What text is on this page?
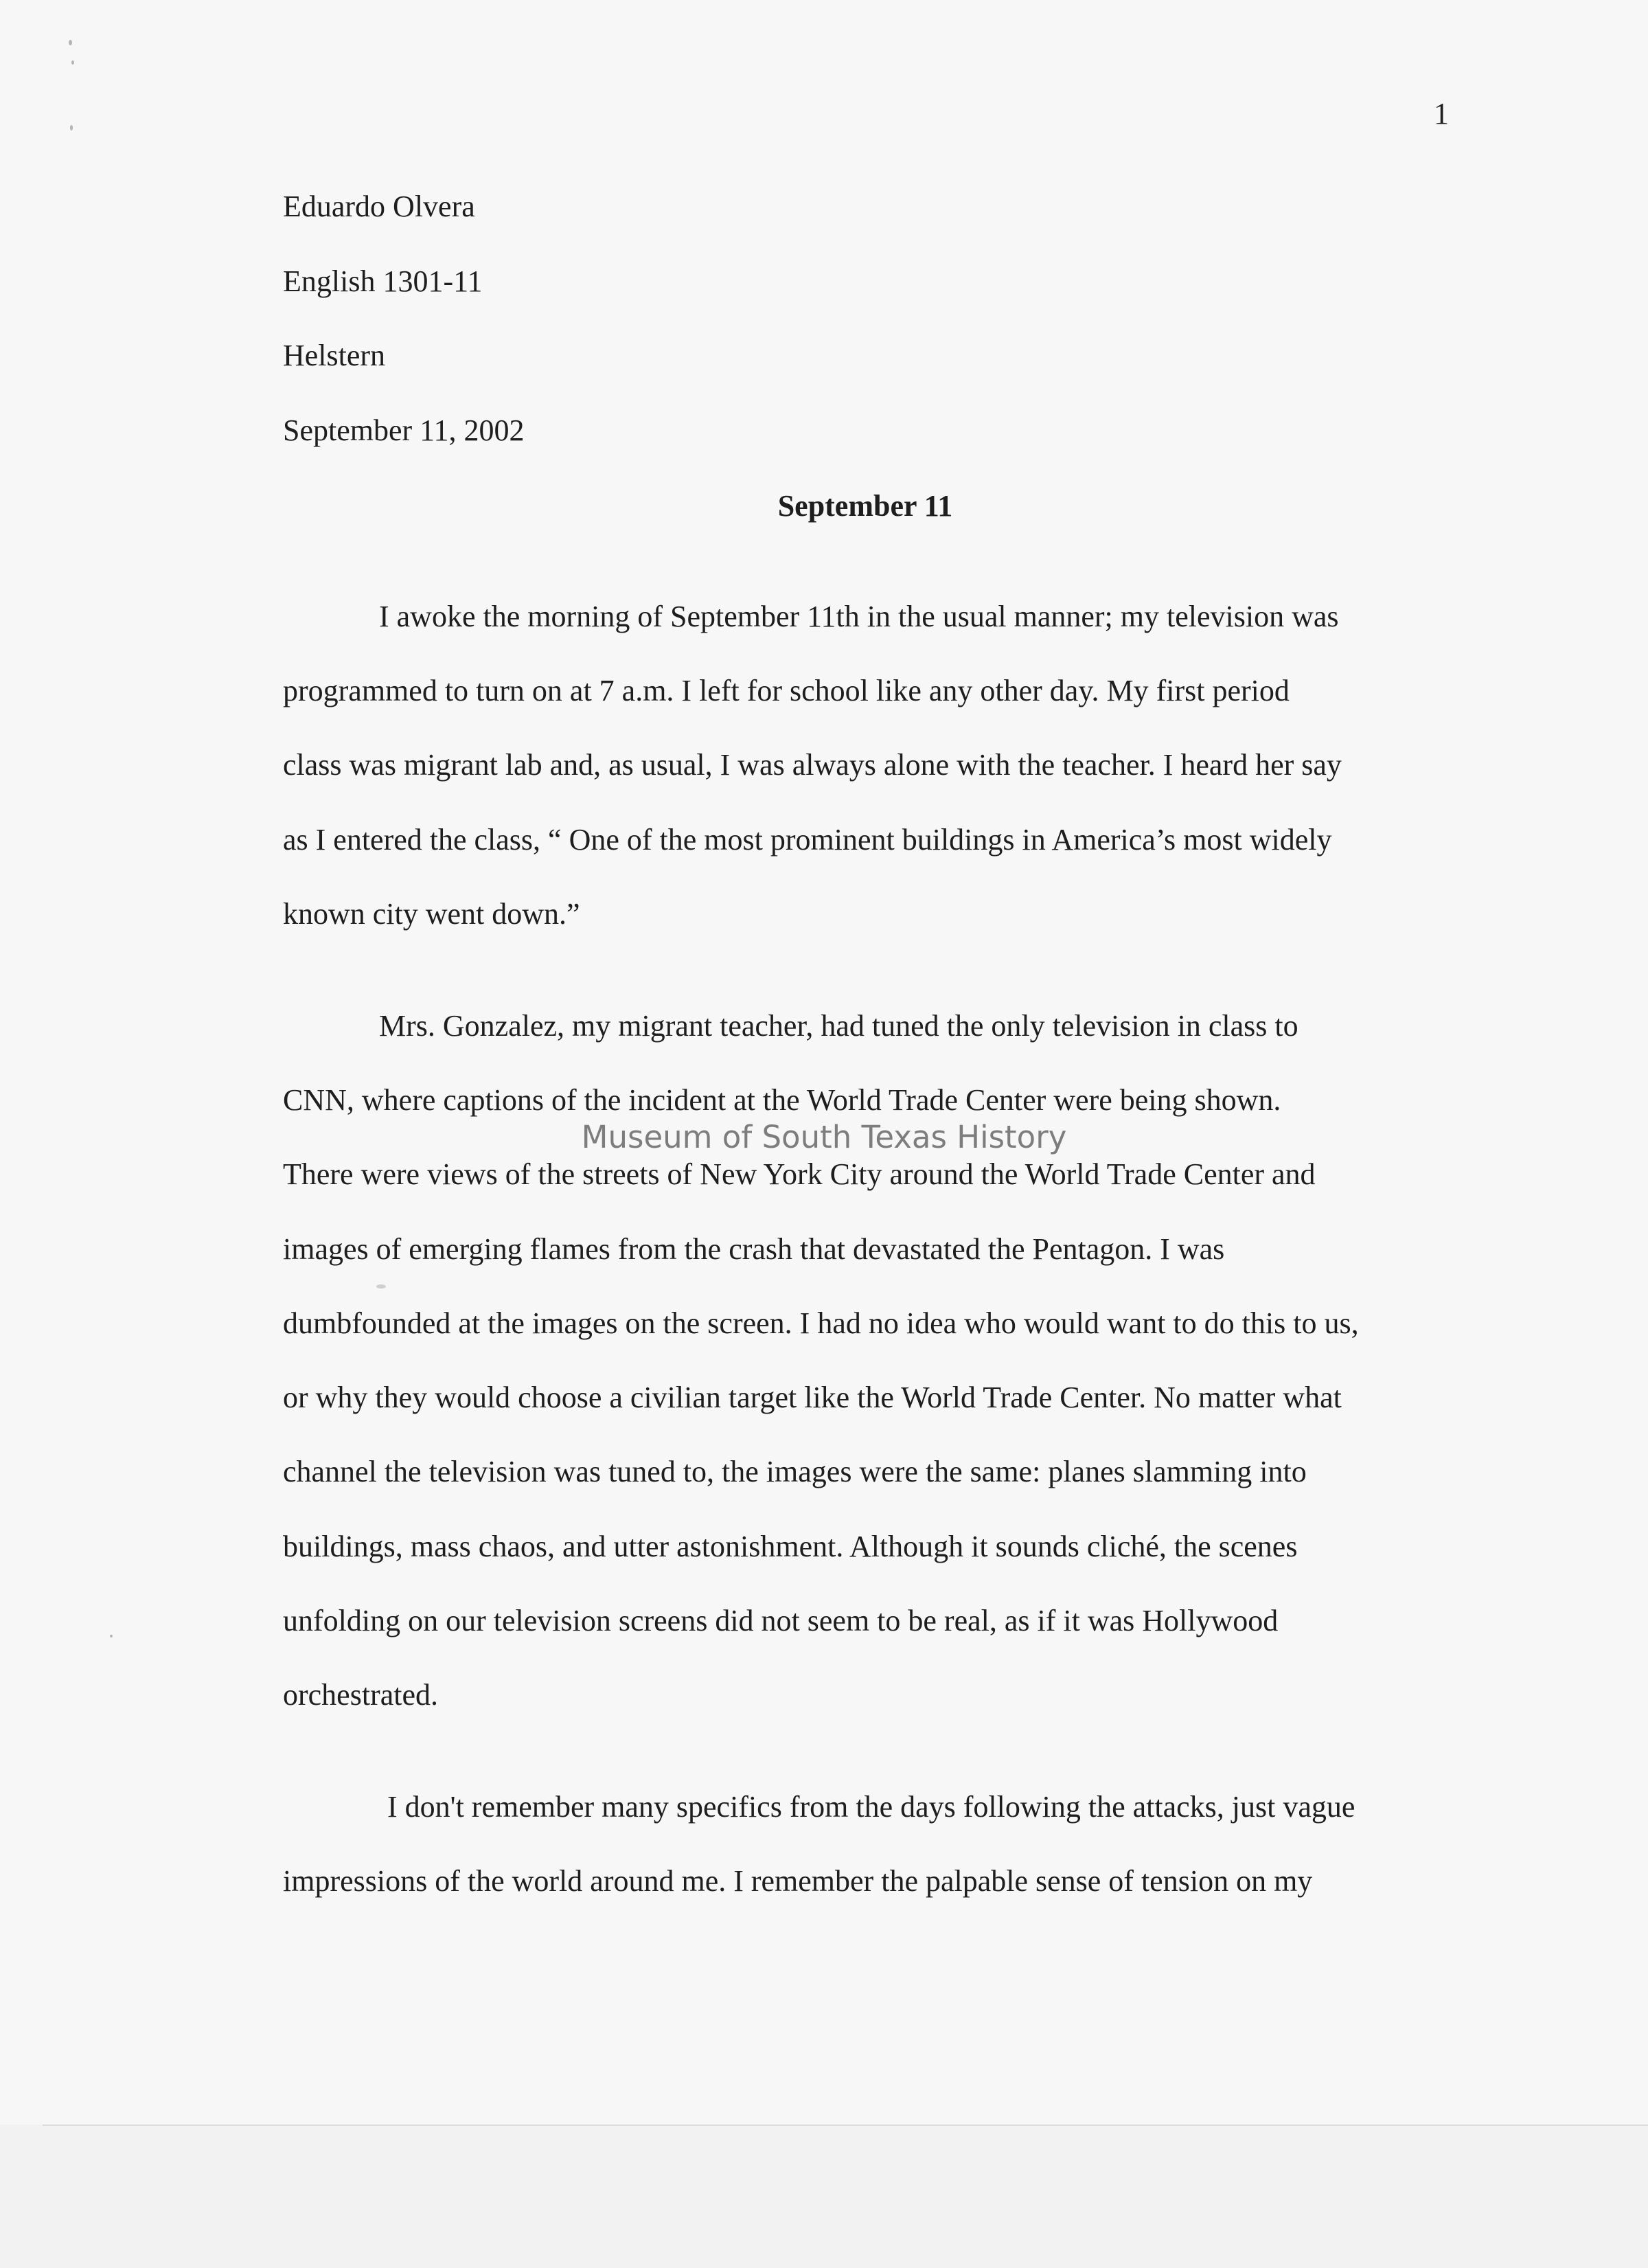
1
Eduardo Olvera
English 1301-11
Helstern
September 11, 2002
September 11
I awoke the morning of September 11th in the usual manner; my television was
programmed to turn on at 7 a.m. I left for school like any other day. My first period
class was migrant lab and, as usual, I was always alone with the teacher. I heard her say
as I entered the class, “ One of the most prominent buildings in America’s most widely
known city went down.”
Mrs. Gonzalez, my migrant teacher, had tuned the only television in class to
CNN, where captions of the incident at the World Trade Center were being shown.
There were views of the streets of New York City around the World Trade Center and
images of emerging flames from the crash that devastated the Pentagon. I was
dumbfounded at the images on the screen. I had no idea who would want to do this to us,
or why they would choose a civilian target like the World Trade Center. No matter what
channel the television was tuned to, the images were the same: planes slamming into
buildings, mass chaos, and utter astonishment. Although it sounds cliché, the scenes
unfolding on our television screens did not seem to be real, as if it was Hollywood
orchestrated.
I don't remember many specifics from the days following the attacks, just vague
impressions of the world around me. I remember the palpable sense of tension on my
Museum of South Texas History
